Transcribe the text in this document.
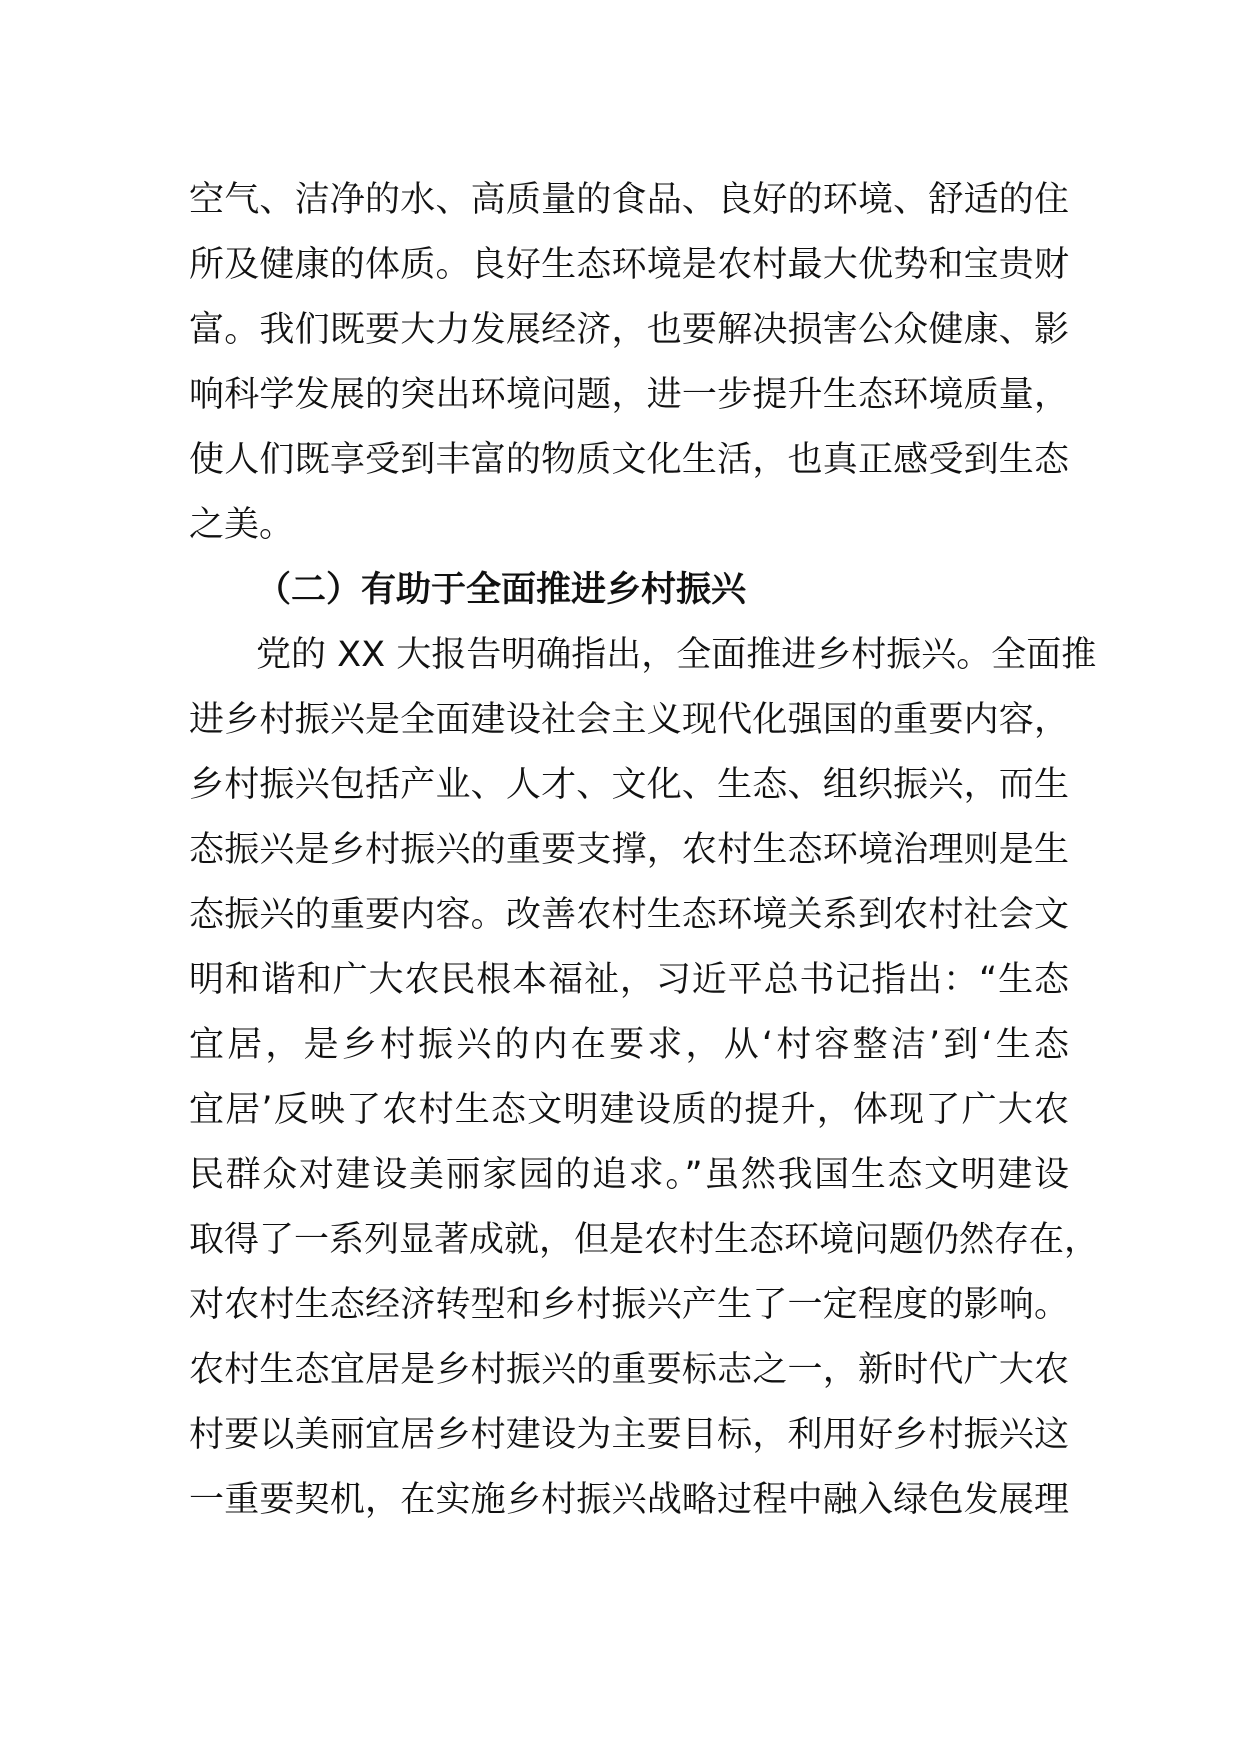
空气、洁净的水、高质量的食品、良好的环境、舒适的住
所及健康的体质。良好生态环境是农村最大优势和宝贵财
富。我们既要大力发展经济，也要解决损害公众健康、影
响科学发展的突出环境问题，进一步提升生态环境质量，
使人们既享受到丰富的物质文化生活，也真正感受到生态
之美。
（二）有助于全面推进乡村振兴
党的 XX 大报告明确指出，全面推进乡村振兴。全面推
进乡村振兴是全面建设社会主义现代化强国的重要内容，
乡村振兴包括产业、人才、文化、生态、组织振兴，而生
态振兴是乡村振兴的重要支撑，农村生态环境治理则是生
态振兴的重要内容。改善农村生态环境关系到农村社会文
明和谐和广大农民根本福祉，习近平总书记指出：“生态
宜居，是乡村振兴的内在要求，从‘村容整洁’到‘生态
宜居’反映了农村生态文明建设质的提升，体现了广大农
民群众对建设美丽家园的追求。”虽然我国生态文明建设
取得了一系列显著成就，但是农村生态环境问题仍然存在，
对农村生态经济转型和乡村振兴产生了一定程度的影响。
农村生态宜居是乡村振兴的重要标志之一，新时代广大农
村要以美丽宜居乡村建设为主要目标，利用好乡村振兴这
一重要契机，在实施乡村振兴战略过程中融入绿色发展理
